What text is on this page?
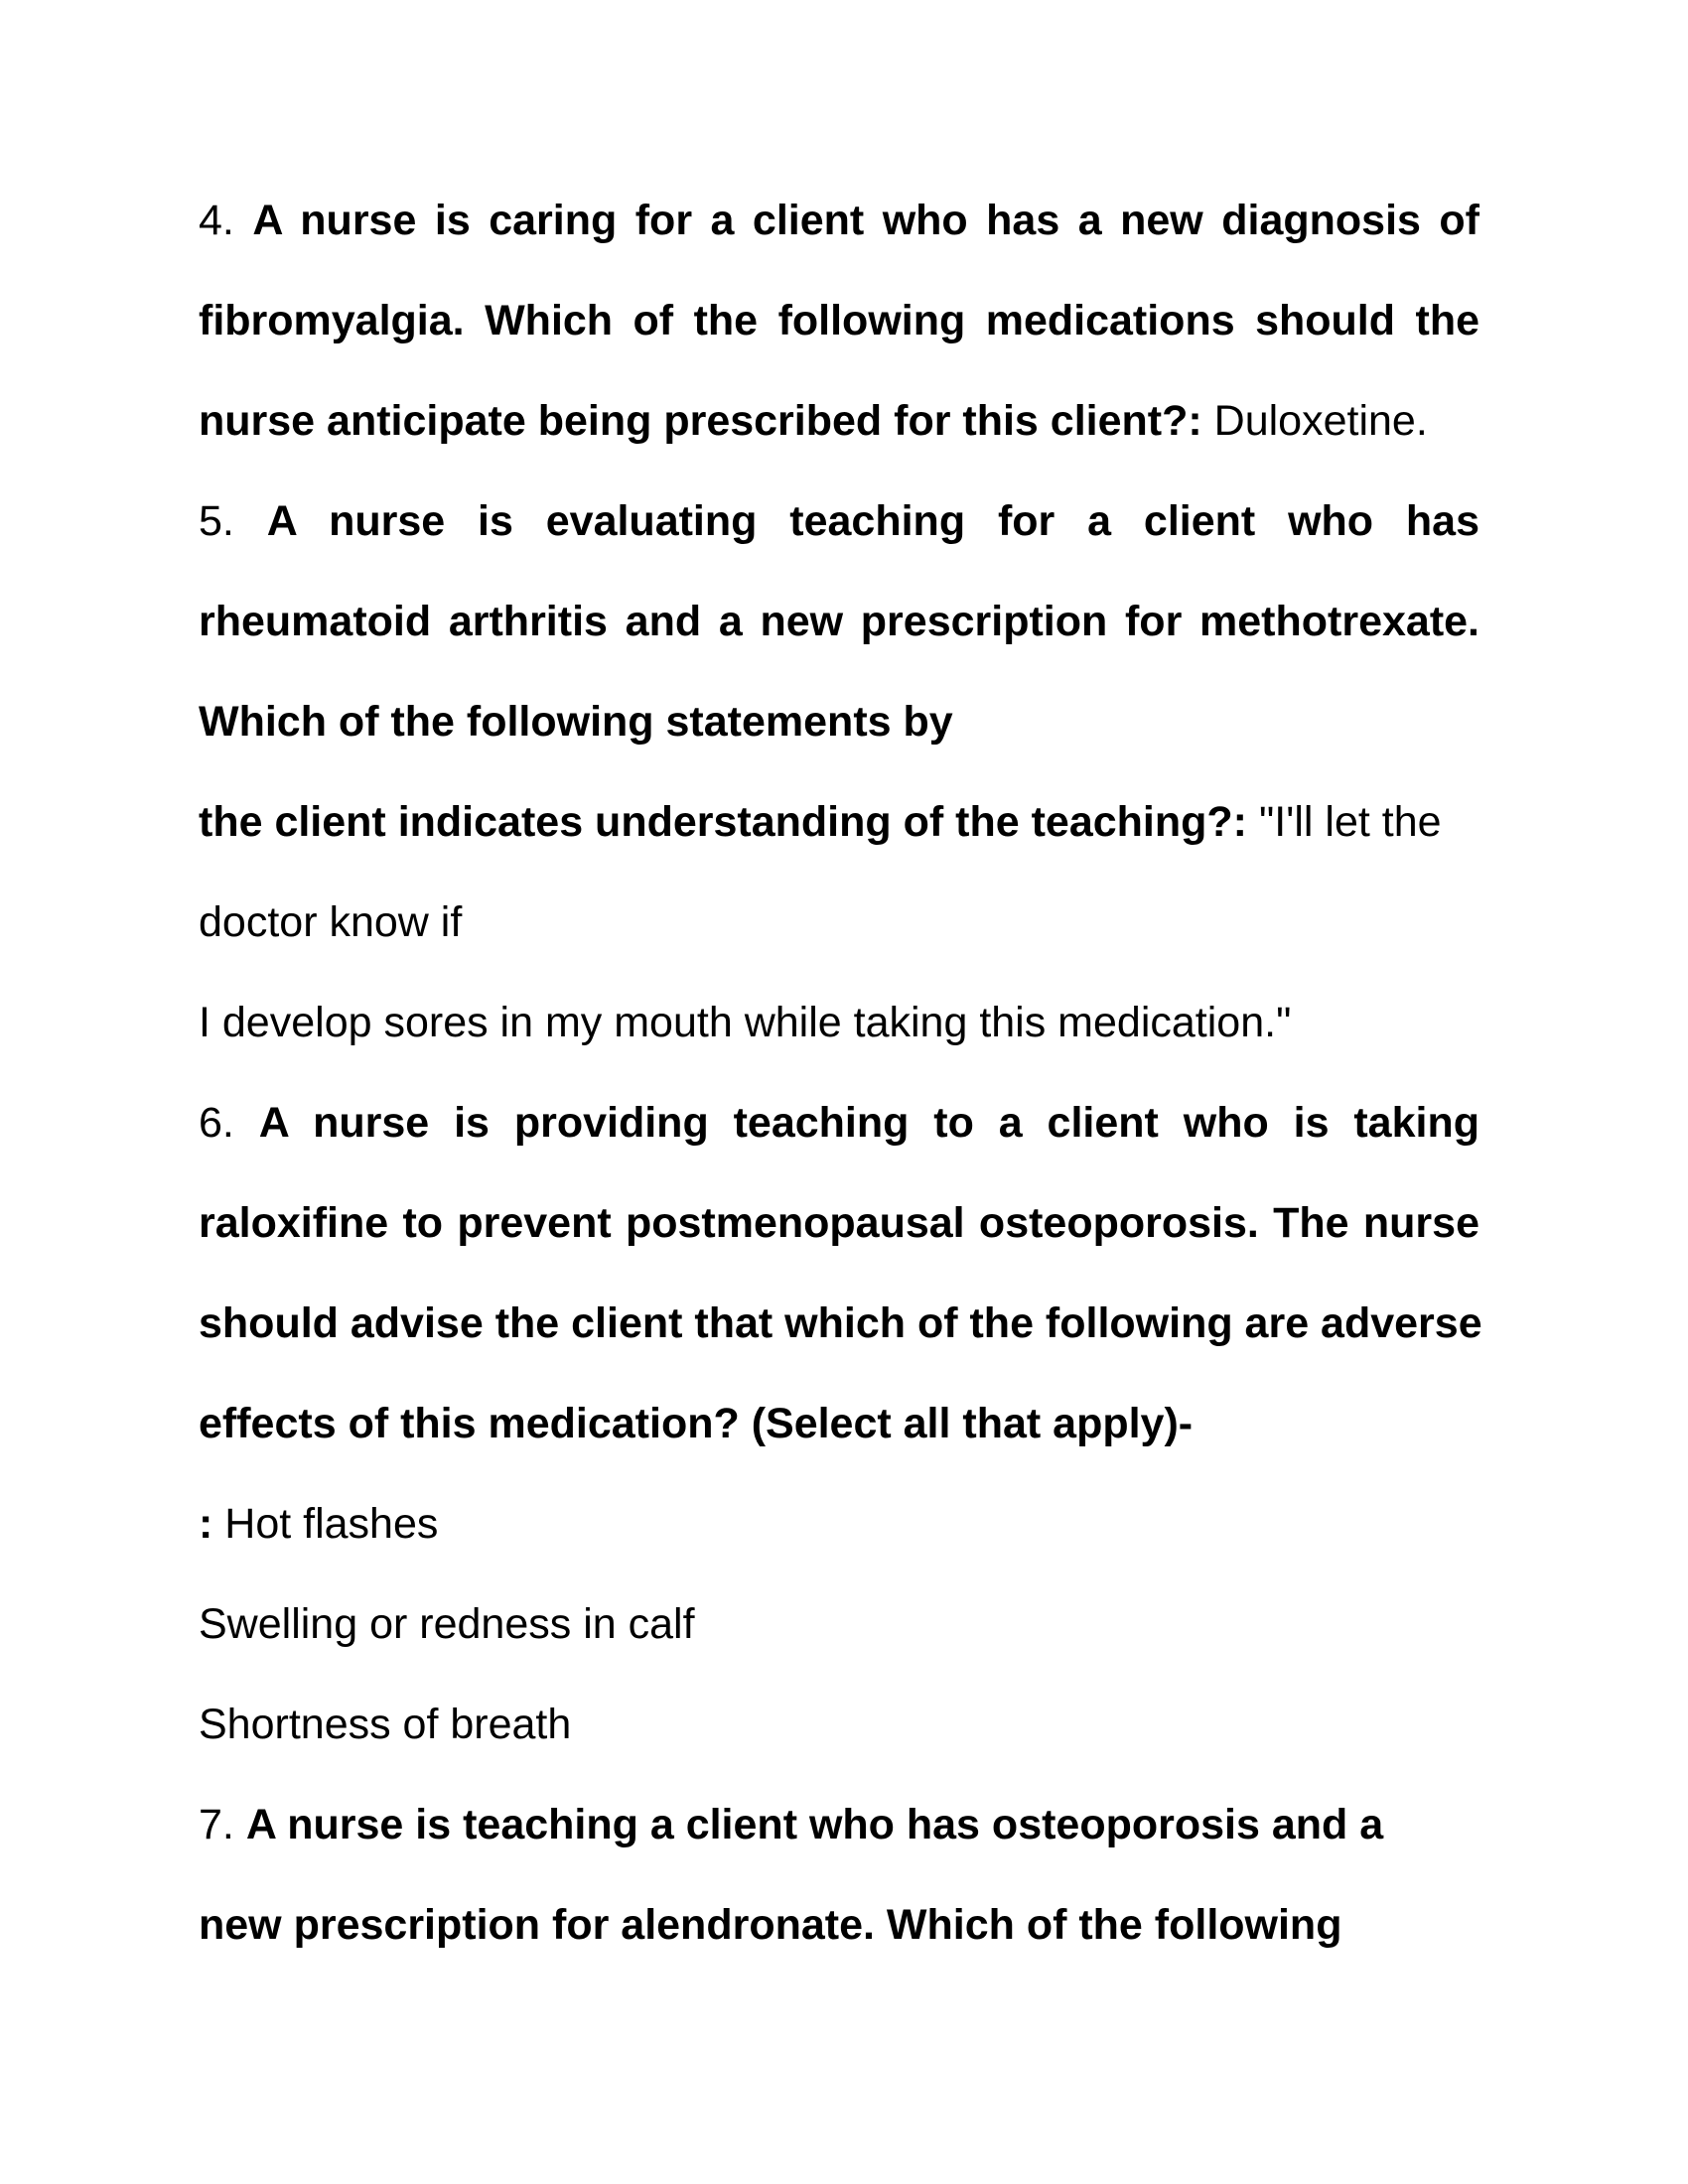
4. A nurse is caring for a client who has a new diagnosis of
fibromyalgia. Which of the following medications should the
nurse anticipate being prescribed for this client?: Duloxetine.
5. A nurse is evaluating teaching for a client who has
rheumatoid arthritis and a new prescription for methotrexate.
Which of the following statements by
the client indicates understanding of the teaching?: "I'll let the
doctor know if
I develop sores in my mouth while taking this medication."
6. A nurse is providing teaching to a client who is taking
raloxifine to prevent postmenopausal osteoporosis. The nurse
should advise the client that which of the following are adverse
effects of this medication? (Select all that apply)-
: Hot flashes
Swelling or redness in calf
Shortness of breath
7. A nurse is teaching a client who has osteoporosis and a
new prescription for alendronate. Which of the following
